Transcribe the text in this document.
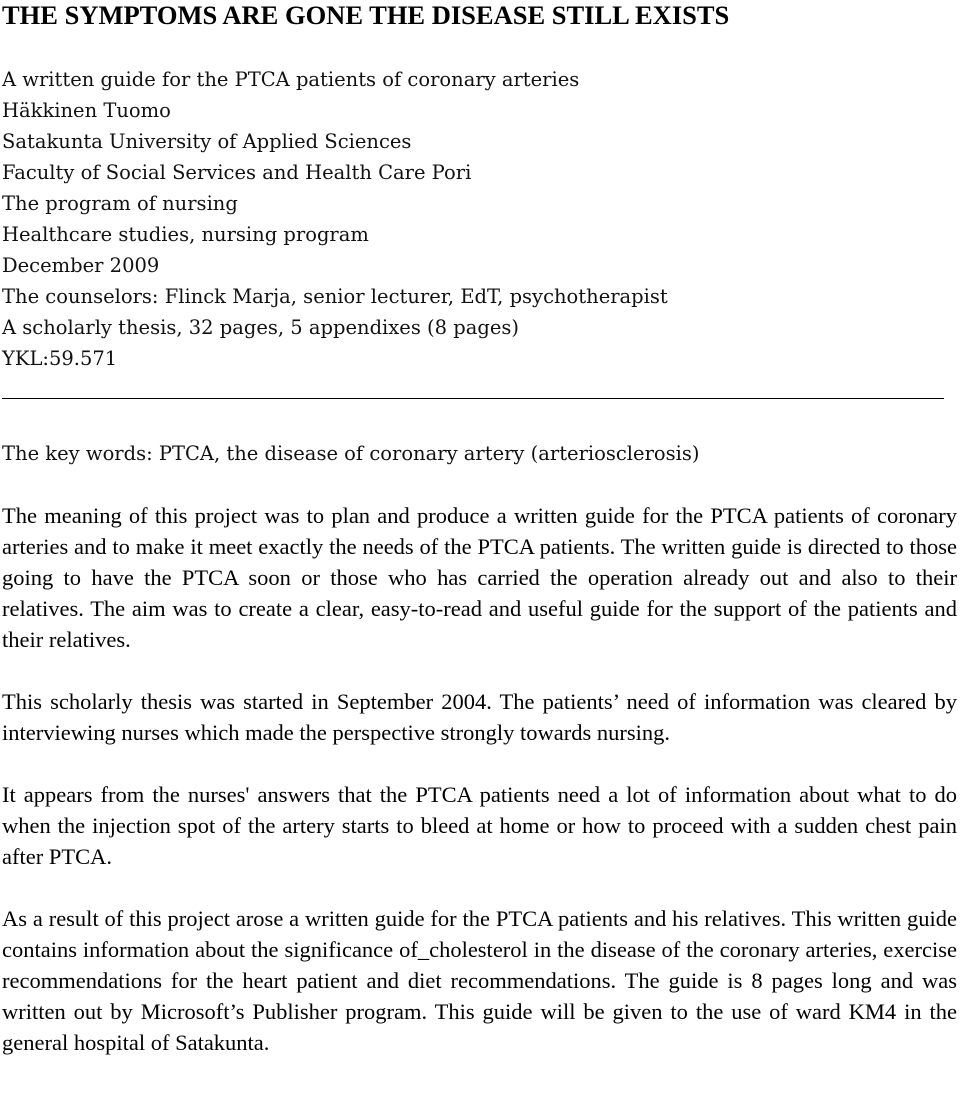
THE SYMPTOMS ARE GONE THE DISEASE STILL EXISTS
A written guide for the PTCA patients of coronary arteries
Häkkinen Tuomo
Satakunta University of Applied Sciences
Faculty of Social Services and Health Care Pori
The program of nursing
Healthcare studies, nursing program
December 2009
The counselors: Flinck Marja, senior lecturer, EdT, psychotherapist
A scholarly thesis, 32 pages, 5 appendixes (8 pages)
YKL:59.571

The key words: PTCA, the disease of coronary artery (arteriosclerosis)

The meaning of this project was to plan and produce a written guide for the PTCA patients of coronary arteries and to make it meet exactly the needs of the PTCA patients. The written guide is directed to those going to have the PTCA soon or those who has carried the operation already out and also to their relatives. The aim was to create a clear, easy-to-read and useful guide for the support of the patients and their relatives.

This scholarly thesis was started in September 2004. The patients’ need of information was cleared by interviewing nurses which made the perspective strongly towards nursing.

It appears from the nurses' answers that the PTCA patients need a lot of information about what to do when the injection spot of the artery starts to bleed at home or how to proceed with a sudden chest pain after PTCA.

As a result of this project arose a written guide for the PTCA patients and his relatives. This written guide contains information about the significance of_cholesterol in the disease of the coronary arteries, exercise recommendations for the heart patient and diet recommendations. The guide is 8 pages long and was written out by Microsoft’s Publisher program. This guide will be given to the use of ward KM4 in the general hospital of Satakunta.
